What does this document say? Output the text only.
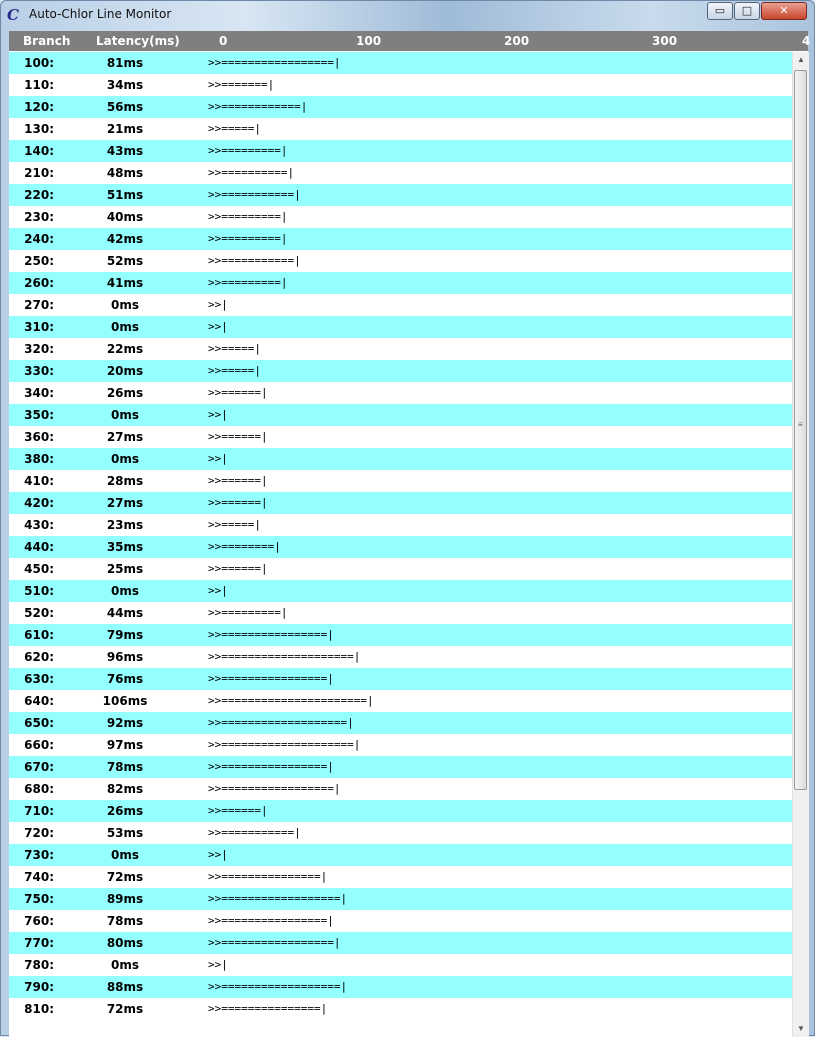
C Auto-Chlor Line Monitor	▭	□	✕
Branch Latency(ms)	0	100	200	300	4
100:	81ms	>>=================|
110:	34ms	>>=======|
120:	56ms	>>============|
130:	21ms	>>=====|
140:	43ms	>>=========|
210:	48ms	>>==========|
220:	51ms	>>===========|
230:	40ms	>>=========|
240:	42ms	>>=========|
250:	52ms	>>===========|
260:	41ms	>>=========|
270:	0ms	>>|
310:	0ms	>>|
320:	22ms	>>=====|
330:	20ms	>>=====|
340:	26ms	>>======|
350:	0ms	>>|
360:	27ms	>>======|
380:	0ms	>>|
410:	28ms	>>======|
420:	27ms	>>======|
430:	23ms	>>=====|
440:	35ms	>>========|
450:	25ms	>>======|
510:	0ms	>>|
520:	44ms	>>=========|
610:	79ms	>>================|
620:	96ms	>>====================|
630:	76ms	>>================|
640:	106ms	>>======================|
650:	92ms	>>===================|
660:	97ms	>>====================|
670:	78ms	>>================|
680:	82ms	>>=================|
710:	26ms	>>======|
720:	53ms	>>===========|
730:	0ms	>>|
740:	72ms	>>===============|
750:	89ms	>>==================|
760:	78ms	>>================|
770:	80ms	>>=================|
780:	0ms	>>|
790:	88ms	>>==================|
810:	72ms	>>===============|
▲
≡
▼
